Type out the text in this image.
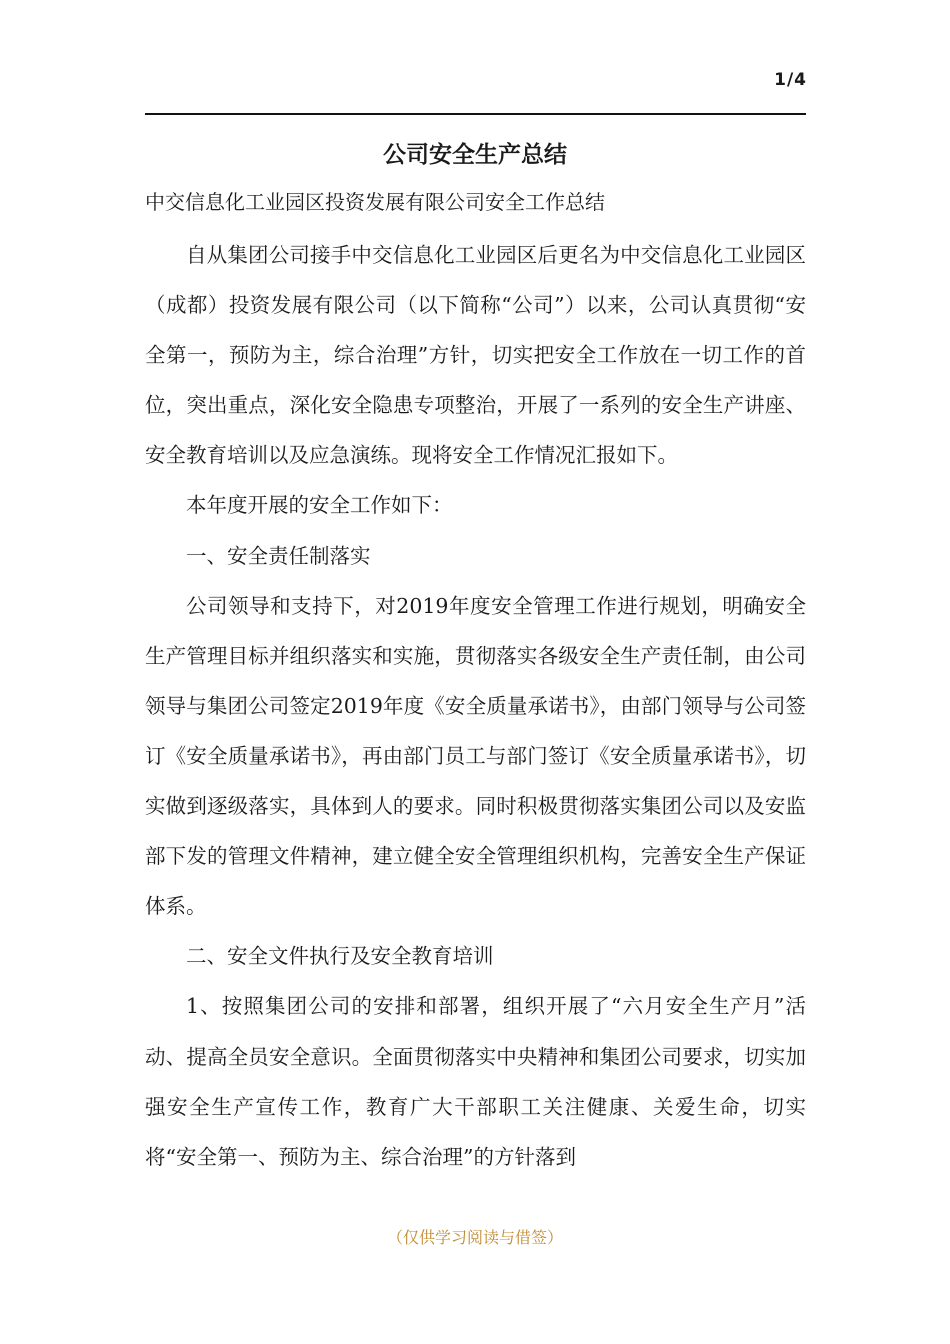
1/4
公司安全生产总结
中交信息化工业园区投资发展有限公司安全工作总结

自从集团公司接手中交信息化工业园区后更名为中交信息化工业园区（成都）投资发展有限公司（以下简称“公司”）以来，公司认真贯彻“安全第一，预防为主，综合治理”方针，切实把安全工作放在一切工作的首位，突出重点，深化安全隐患专项整治，开展了一系列的安全生产讲座、安全教育培训以及应急演练。现将安全工作情况汇报如下。

本年度开展的安全工作如下：

一、安全责任制落实

公司领导和支持下，对2019年度安全管理工作进行规划，明确安全生产管理目标并组织落实和实施，贯彻落实各级安全生产责任制，由公司领导与集团公司签定2019年度《安全质量承诺书》，由部门领导与公司签订《安全质量承诺书》，再由部门员工与部门签订《安全质量承诺书》，切实做到逐级落实，具体到人的要求。同时积极贯彻落实集团公司以及安监部下发的管理文件精神，建立健全安全管理组织机构，完善安全生产保证体系。

二、安全文件执行及安全教育培训

1、按照集团公司的安排和部署，组织开展了“六月安全生产月”活动、提高全员安全意识。全面贯彻落实中央精神和集团公司要求，切实加强安全生产宣传工作，教育广大干部职工关注健康、关爱生命，切实将“安全第一、预防为主、综合治理”的方针落到

（仅供学习阅读与借签）
